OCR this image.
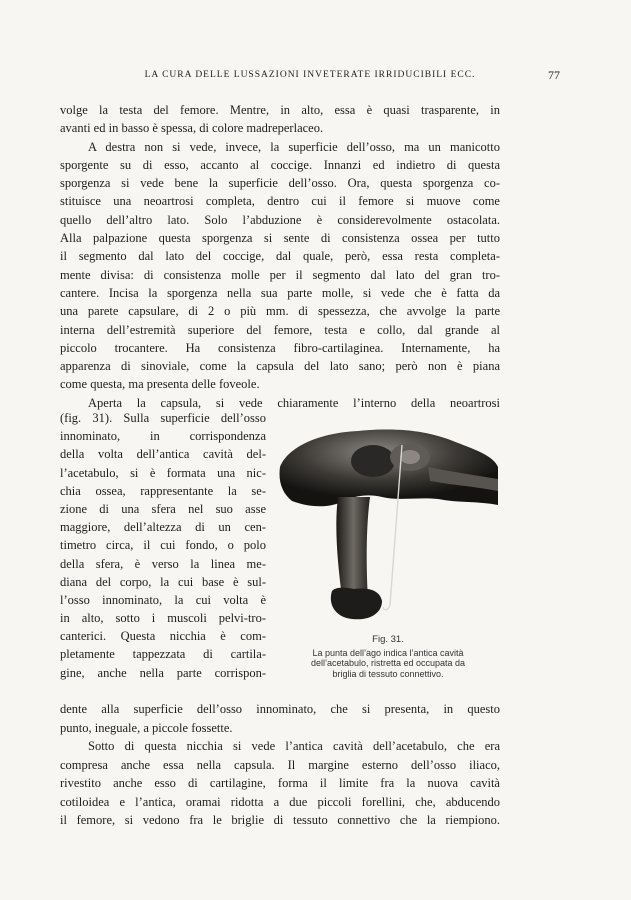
LA CURA DELLE LUSSAZIONI INVETERATE IRRIDUCIBILI ECC.	77
volge la testa del femore. Mentre, in alto, essa è quasi trasparente, in
avanti ed in basso è spessa, di colore madreperlaceo.
A destra non si vede, invece, la superficie dell’osso, ma un manicotto
sporgente su di esso, accanto al coccige. Innanzi ed indietro di questa
sporgenza si vede bene la superficie dell’osso. Ora, questa sporgenza co-
stituisce una neoartrosi completa, dentro cui il femore si muove come
quello dell’altro lato. Solo l’abduzione è considerevolmente ostacolata.
Alla palpazione questa sporgenza si sente di consistenza ossea per tutto
il segmento dal lato del coccige, dal quale, però, essa resta completa-
mente divisa: di consistenza molle per il segmento dal lato del gran tro-
cantere. Incisa la sporgenza nella sua parte molle, si vede che è fatta da
una parete capsulare, di 2 o più mm. di spessezza, che avvolge la parte
interna dell’estremità superiore del femore, testa e collo, dal grande al
piccolo trocantere. Ha consistenza fibro-cartilaginea. Internamente, ha
apparenza di sinoviale, come la capsula del lato sano; però non è piana
come questa, ma presenta delle foveole.
Aperta la capsula, si vede chiaramente l’interno della neoartrosi
(fig. 31). Sulla superficie dell’osso
innominato, in corrispondenza
della volta dell’antica cavità del-
l’acetabulo, si è formata una nic-
chia ossea, rappresentante la se-
zione di una sfera nel suo asse
maggiore, dell’altezza di un cen-
timetro circa, il cui fondo, o polo
della sfera, è verso la linea me-
diana del corpo, la cui base è sul-
l’osso innominato, la cui volta è
in alto, sotto i muscoli pelvi-tro-
canterici. Questa nicchia è com-
pletamente tappezzata di cartila-
gine, anche nella parte corrispon-
Fig. 31.
La punta dell’ago indica l’antica cavità
dell’acetabulo, ristretta ed occupata da
briglia di tessuto connettivo.
dente alla superficie dell’osso innominato, che si presenta, in questo
punto, ineguale, a piccole fossette.
Sotto di questa nicchia si vede l’antica cavità dell’acetabulo, che era
compresa anche essa nella capsula. Il margine esterno dell’osso iliaco,
rivestito anche esso di cartilagine, forma il limite fra la nuova cavità
cotiloidea e l’antica, oramai ridotta a due piccoli forellini, che, abducendo
il femore, si vedono fra le briglie di tessuto connettivo che la riempiono.
